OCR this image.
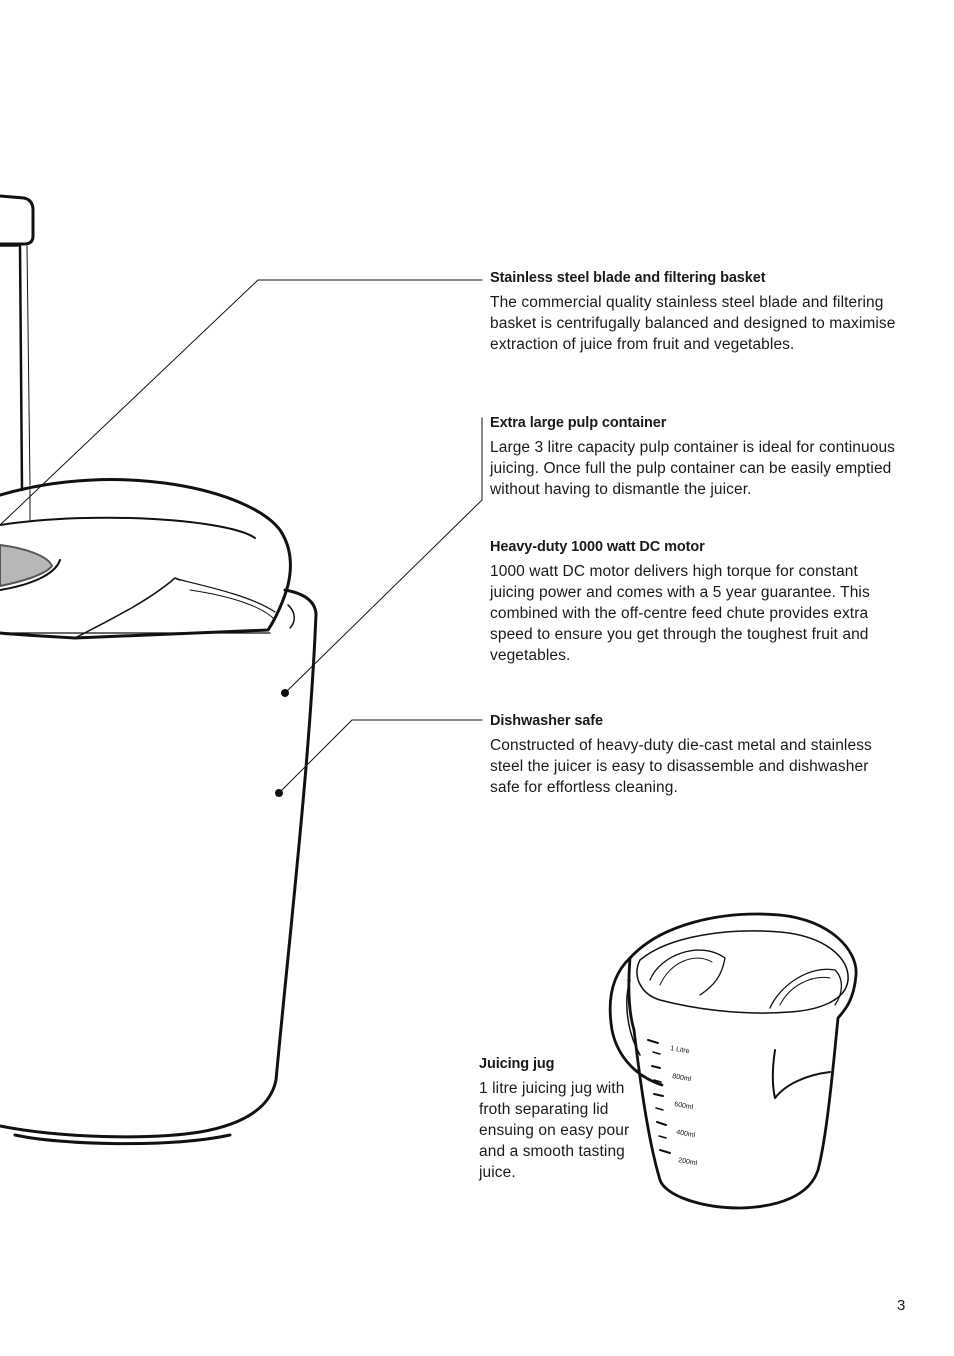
1 Litre
800ml
600ml
400ml
200ml
Stainless steel blade and filtering basket

The commercial quality stainless steel blade and filtering basket is centrifugally balanced and designed to maximise extraction of juice from fruit and vegetables.

Extra large pulp container

Large 3 litre capacity pulp container is ideal for continuous juicing. Once full the pulp container can be easily emptied without having to dismantle the juicer.

Heavy-duty 1000 watt DC motor

1000 watt DC motor delivers high torque for constant juicing power and comes with a 5 year guarantee. This combined with the off-centre feed chute provides extra speed to ensure you get through the toughest fruit and vegetables.

Dishwasher safe

Constructed of heavy-duty die-cast metal and stainless steel the juicer is easy to disassemble and dishwasher safe for effortless cleaning.

Juicing jug

1 litre juicing jug with froth separating lid ensuing on easy pour and a smooth tasting juice.

3
